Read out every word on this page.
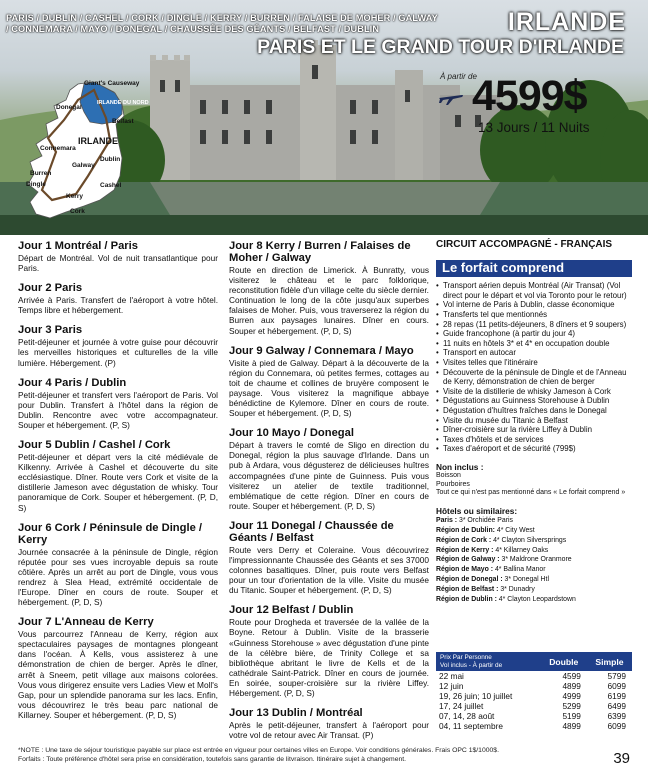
PARIS / DUBLIN / CASHEL / CORK / DINGLE / KERRY / BURREN / FALAISE DE MOHER / GALWAY
/ CONNEMARA / MAYO / DONEGAL / CHAUSSÉE DES GÉANTS / BELFAST / DUBLIN	IRLANDE
PARIS ET LE GRAND TOUR D'IRLANDE
À partir de
4599$
13 Jours / 11 Nuits
Giant's Causeway
IRLANDE DU NORD
Belfast
Donegal
IRLANDE
Connemara
Galway
Dublin
Burren
Dingle
Kerry
Cashel
Cork
Jour 1 Montréal / Paris

Départ de Montréal. Vol de nuit transatlantique pour Paris.

Jour 2 Paris

Arrivée à Paris. Transfert de l'aéroport à votre hôtel. Temps libre et hébergement.

Jour 3 Paris

Petit-déjeuner et journée à votre guise pour découvrir les merveilles historiques et culturelles de la ville lumière. Hébergement. (P)

Jour 4 Paris / Dublin

Petit-déjeuner et transfert vers l'aéroport de Paris. Vol pour Dublin. Transfert à l'hôtel dans la région de Dublin. Rencontre avec votre accompagnateur. Souper et hébergement. (P, S)

Jour 5 Dublin / Cashel / Cork

Petit-déjeuner et départ vers la cité médiévale de Kilkenny. Arrivée à Cashel et découverte du site ecclésiastique. Dîner. Route vers Cork et visite de la distillerie Jameson avec dégustation de whisky. Tour panoramique de Cork. Souper et hébergement. (P, D, S)

Jour 6 Cork / Péninsule de Dingle / Kerry

Journée consacrée à la péninsule de Dingle, région réputée pour ses vues incroyable depuis sa route côtière. Après un arrêt au port de Dingle, vous vous rendrez à Slea Head, extrémité occidentale de l'Europe. Dîner en cours de route. Souper et hébergement. (P, D, S)

Jour 7 L'Anneau de Kerry

Vous parcourrez l'Anneau de Kerry, région aux spectaculaires paysages de montagnes plongeant dans l'océan. À Kells, vous assisterez à une démonstration de chien de berger. Après le dîner, arrêt à Sneem, petit village aux maisons colorées. Vous vous dirigerez ensuite vers Ladies View et Moll's Gap, pour un splendide panorama sur les lacs. Enfin, vous découvrirez le très beau parc national de Killarney. Souper et hébergement. (P, D, S)

Jour 8 Kerry / Burren / Falaises de Moher / Galway

Route en direction de Limerick. À Bunratty, vous visiterez le château et le parc folklorique, reconstitution fidèle d'un village celte du siècle dernier. Continuation le long de la côte jusqu'aux superbes falaises de Moher. Puis, vous traverserez la région du Burren aux paysages lunaires. Dîner en cours. Souper et hébergement. (P, D, S)

Jour 9 Galway / Connemara / Mayo

Visite à pied de Galway. Départ à la découverte de la région du Connemara, où petites fermes, cottages au toit de chaume et collines de bruyère composent le paysage. Vous visiterez la magnifique abbaye bénédictine de Kylemore. Dîner en cours de route. Souper et hébergement. (P, D, S)

Jour 10 Mayo / Donegal

Départ à travers le comté de Sligo en direction du Donegal, région la plus sauvage d'Irlande. Dans un pub à Ardara, vous dégusterez de délicieuses huîtres accompagnées d'une pinte de Guinness. Puis vous visiterez un atelier de textile traditionnel, emblématique de cette région. Dîner en cours de route. Souper et hébergement. (P, D, S)

Jour 11 Donegal / Chaussée de Géants / Belfast

Route vers Derry et Coleraine. Vous découvrirez l'impressionnante Chaussée des Géants et ses 37000 colonnes basaltiques. Dîner, puis route vers Belfast pour un tour d'orientation de la ville. Visite du musée du Titanic. Souper et hébergement. (P, D, S)

Jour 12 Belfast / Dublin

Route pour Drogheda et traversée de la vallée de la Boyne. Retour à Dublin. Visite de la brasserie «Guinness Storehouse » avec dégustation d'une pinte de la célèbre bière, de Trinity College et sa bibliothèque abritant le livre de Kells et de la cathédrale Saint-Patrick. Dîner en cours de journée. En soirée, souper-croisière sur la rivière Liffey. Hébergement. (P, D, S)

Jour 13 Dublin / Montréal

Après le petit-déjeuner, transfert à l'aéroport pour votre vol de retour avec Air Transat. (P)

CIRCUIT ACCOMPAGNÉ - FRANÇAIS
Le forfait comprend
• Transport aérien depuis Montréal (Air Transat) (Vol direct pour le départ et vol via Toronto pour le retour)
• Vol interne de Paris à Dublin, classe économique
• Transferts tel que mentionnés
• 28 repas (11 petits-déjeuners, 8 dîners et 9 soupers)
• Guide francophone (à partir du jour 4)
• 11 nuits en hôtels 3* et 4* en occupation double
• Transport en autocar
• Visites telles que l'itinéraire
• Découverte de la péninsule de Dingle et de l'Anneau de Kerry, démonstration de chien de berger
• Visite de la distillerie de whisky Jameson à Cork
• Dégustations au Guinness Storehouse à Dublin
• Dégustation d'huîtres fraîches dans le Donegal
• Visite du musée du Titanic à Belfast
• Dîner-croisière sur la rivière Liffey à Dublin
• Taxes d'hôtels et de services
• Taxes d'aéroport et de sécurité (799$)
Non inclus :
Boisson
Pourboires
Tout ce qui n'est pas mentionné dans « Le forfait comprend »
Hôtels ou similaires:
Paris : 3* Orchidée Paris
Région de Dublin: 4* City West
Région de Cork : 4* Clayton Silversprings
Région de Kerry : 4* Killarney Oaks
Région de Galway : 3* Maldrone Oranmore
Région de Mayo : 4* Ballina Manor
Région de Donegal : 3* Donegal Htl
Région de Belfast : 3* Dunadry
Région de Dublin : 4* Clayton Leopardstown
Prix Par Personne
Vol inclus - À partir de	Double	Simple
22 mai	4599	5799
12 juin	4899	6099
19, 26 juin; 10 juillet	4999	6199
17, 24 juillet	5299	6499
07, 14, 28 août	5199	6399
04, 11 septembre	4899	6099
*NOTE : Une taxe de séjour touristique payable sur place est entrée en vigueur pour certaines villes en Europe. Voir conditions générales. Frais OPC 1$/1000$.
Forfaits : Toute préférence d'hôtel sera prise en considération, toutefois sans garantie de litvraison. Itinéraire sujet à changement.	39
